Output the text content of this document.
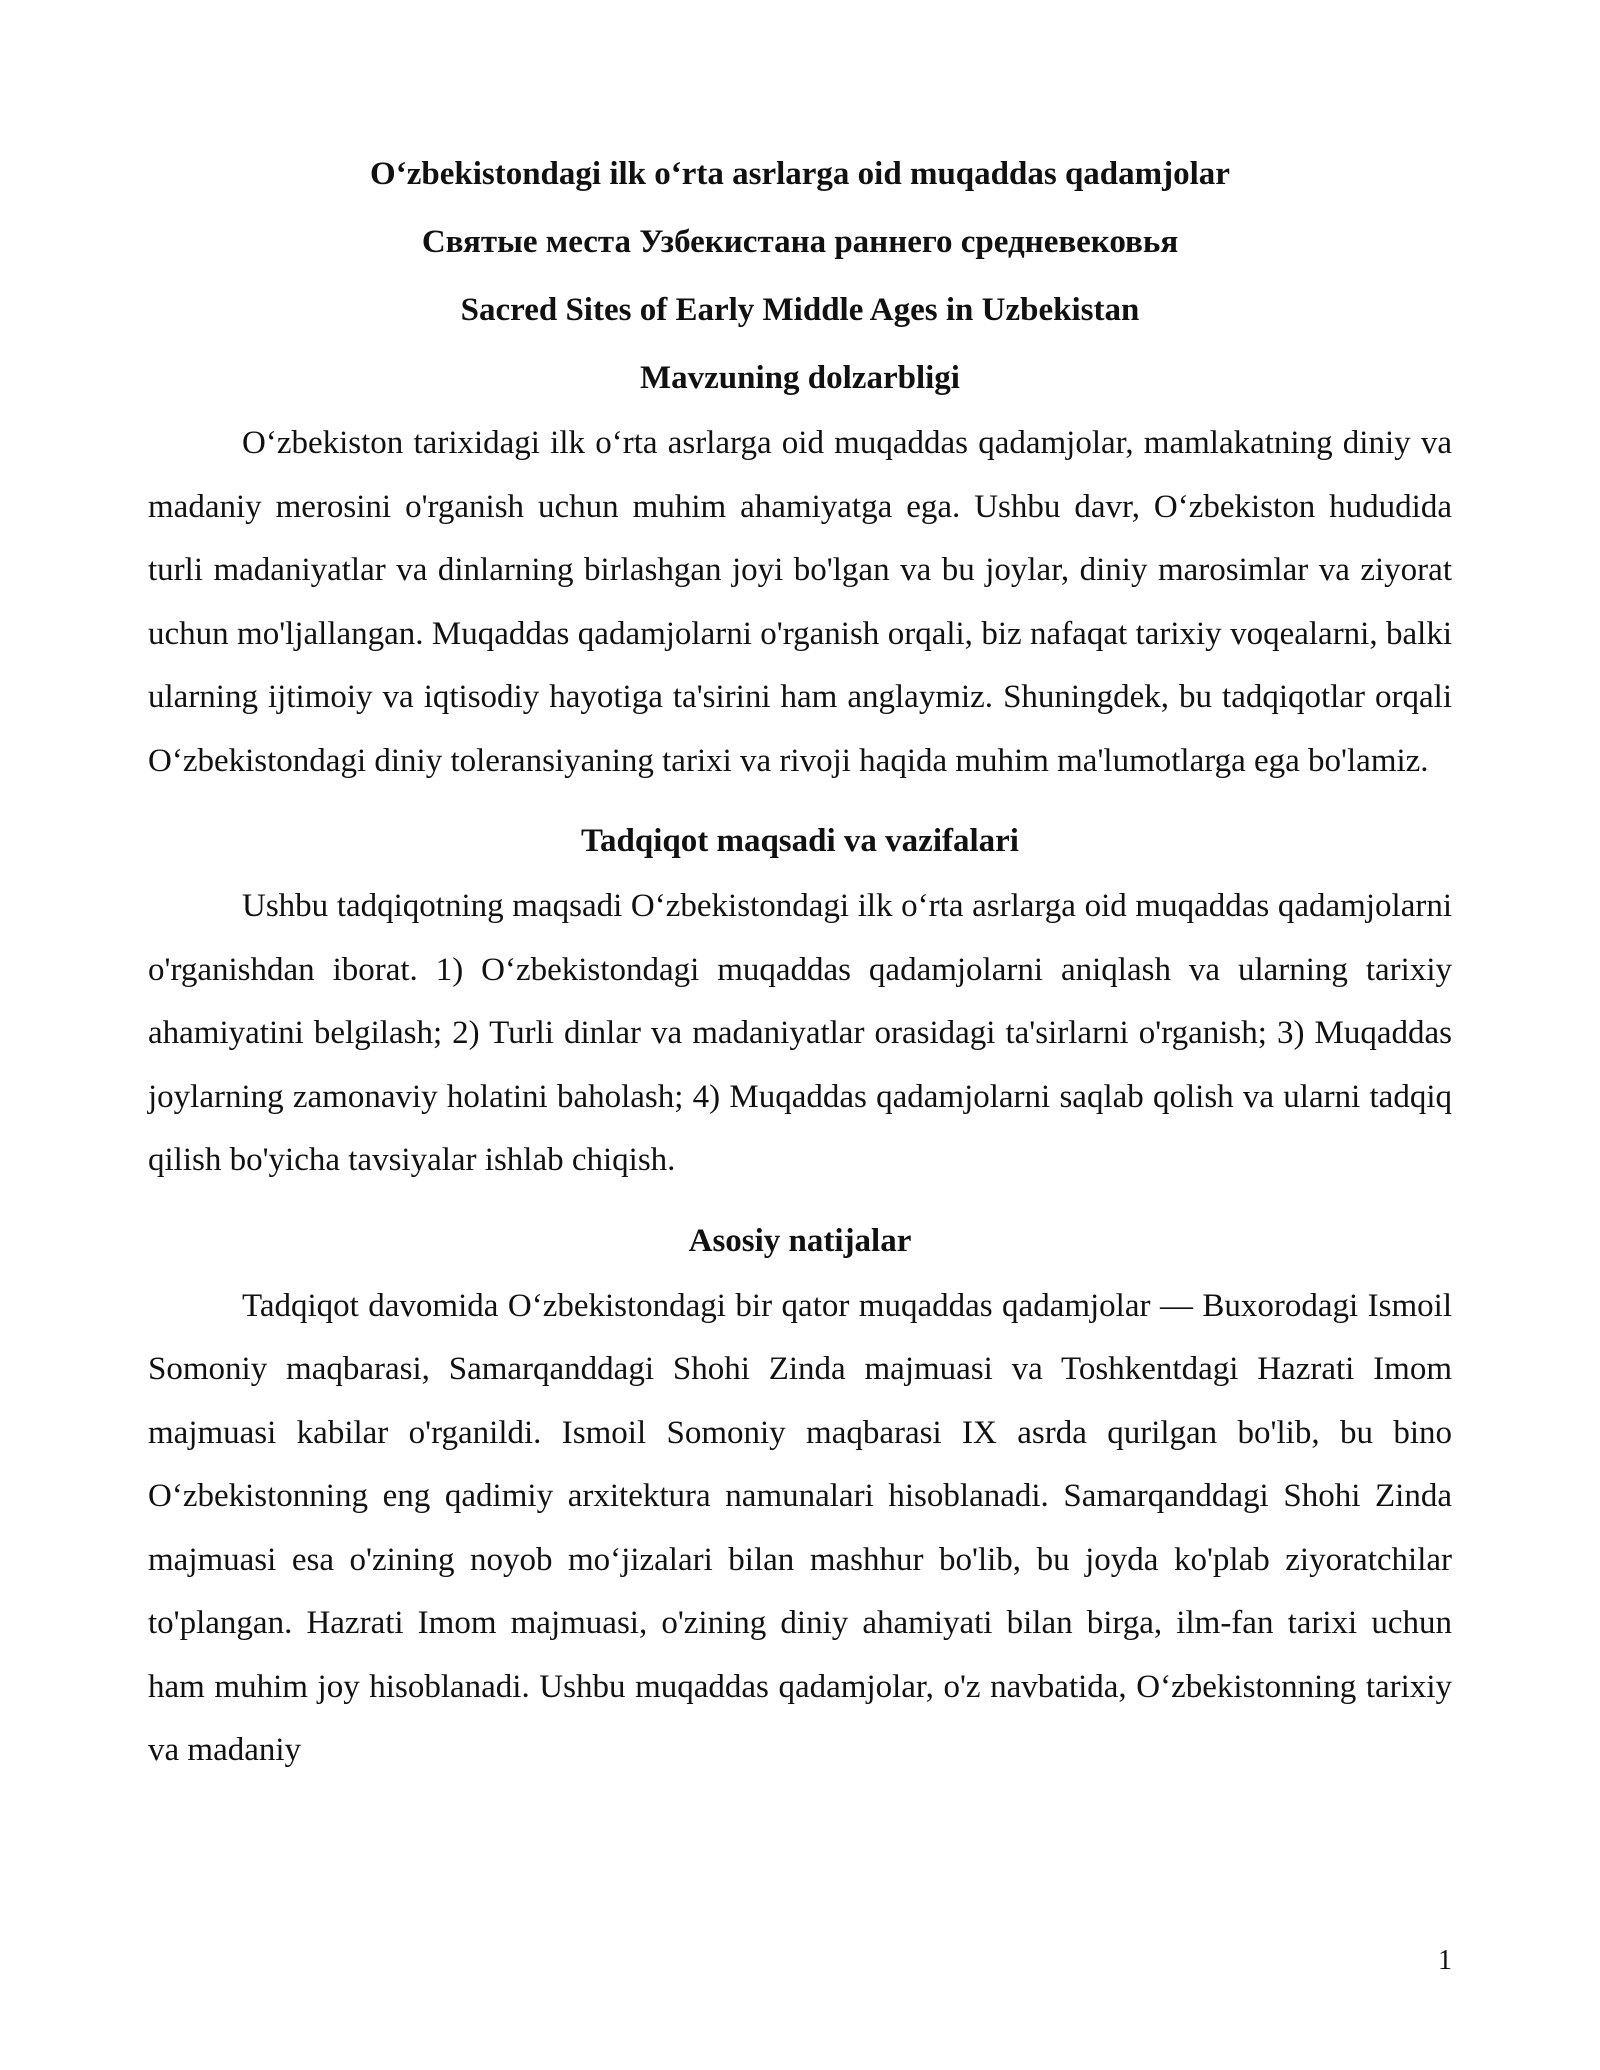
O‘zbekistondagi ilk o‘rta asrlarga oid muqaddas qadamjolar
Святые места Узбекистана раннего средневековья
Sacred Sites of Early Middle Ages in Uzbekistan
Mavzuning dolzarbligi

O‘zbekiston tarixidagi ilk o‘rta asrlarga oid muqaddas qadamjolar, mamlakatning diniy va madaniy merosini o'rganish uchun muhim ahamiyatga ega. Ushbu davr, O‘zbekiston hududida turli madaniyatlar va dinlarning birlashgan joyi bo'lgan va bu joylar, diniy marosimlar va ziyorat uchun mo'ljallangan. Muqaddas qadamjolarni o'rganish orqali, biz nafaqat tarixiy voqealarni, balki ularning ijtimoiy va iqtisodiy hayotiga ta'sirini ham anglaymiz. Shuningdek, bu tadqiqotlar orqali O‘zbekistondagi diniy toleransiyaning tarixi va rivoji haqida muhim ma'lumotlarga ega bo'lamiz.

Tadqiqot maqsadi va vazifalari

Ushbu tadqiqotning maqsadi O‘zbekistondagi ilk o‘rta asrlarga oid muqaddas qadamjolarni o'rganishdan iborat. 1) O‘zbekistondagi muqaddas qadamjolarni aniqlash va ularning tarixiy ahamiyatini belgilash; 2) Turli dinlar va madaniyatlar orasidagi ta'sirlarni o'rganish; 3) Muqaddas joylarning zamonaviy holatini baholash; 4) Muqaddas qadamjolarni saqlab qolish va ularni tadqiq qilish bo'yicha tavsiyalar ishlab chiqish.

Asosiy natijalar

Tadqiqot davomida O‘zbekistondagi bir qator muqaddas qadamjolar — Buxorodagi Ismoil Somoniy maqbarasi, Samarqanddagi Shohi Zinda majmuasi va Toshkentdagi Hazrati Imom majmuasi kabilar o'rganildi. Ismoil Somoniy maqbarasi IX asrda qurilgan bo'lib, bu bino O‘zbekistonning eng qadimiy arxitektura namunalari hisoblanadi. Samarqanddagi Shohi Zinda majmuasi esa o'zining noyob mo‘jizalari bilan mashhur bo'lib, bu joyda ko'plab ziyoratchilar to'plangan. Hazrati Imom majmuasi, o'zining diniy ahamiyati bilan birga, ilm-fan tarixi uchun ham muhim joy hisoblanadi. Ushbu muqaddas qadamjolar, o'z navbatida, O‘zbekistonning tarixiy va madaniy

1
